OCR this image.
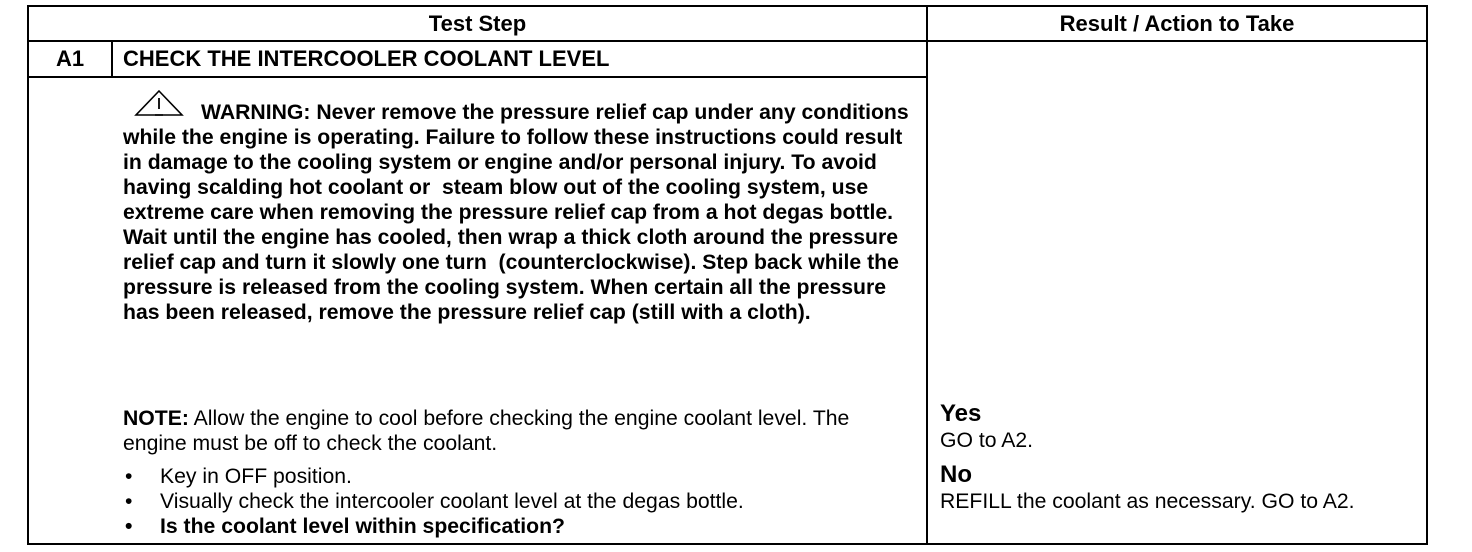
Test Step	Result / Action to Take
A1	CHECK THE INTERCOOLER COOLANT LEVEL

WARNING: Never remove the pressure relief cap under any conditions while the engine is operating. Failure to follow these instructions could result in damage to the cooling system or engine and/or personal injury. To avoid having scalding hot coolant or  steam blow out of the cooling system, use extreme care when removing the pressure relief cap from a hot degas bottle. Wait until the engine has cooled, then wrap a thick cloth around the pressure relief cap and turn it slowly one turn  (counterclockwise). Step back while the pressure is released from the cooling system. When certain all the pressure has been released, remove the pressure relief cap (still with a cloth).

NOTE: Allow the engine to cool before checking the engine coolant level. The engine must be off to check the coolant.

• Key in OFF position.
• Visually check the intercooler coolant level at the degas bottle.
• Is the coolant level within specification?
Yes

GO to A2.

No

REFILL the coolant as necessary. GO to A2.
